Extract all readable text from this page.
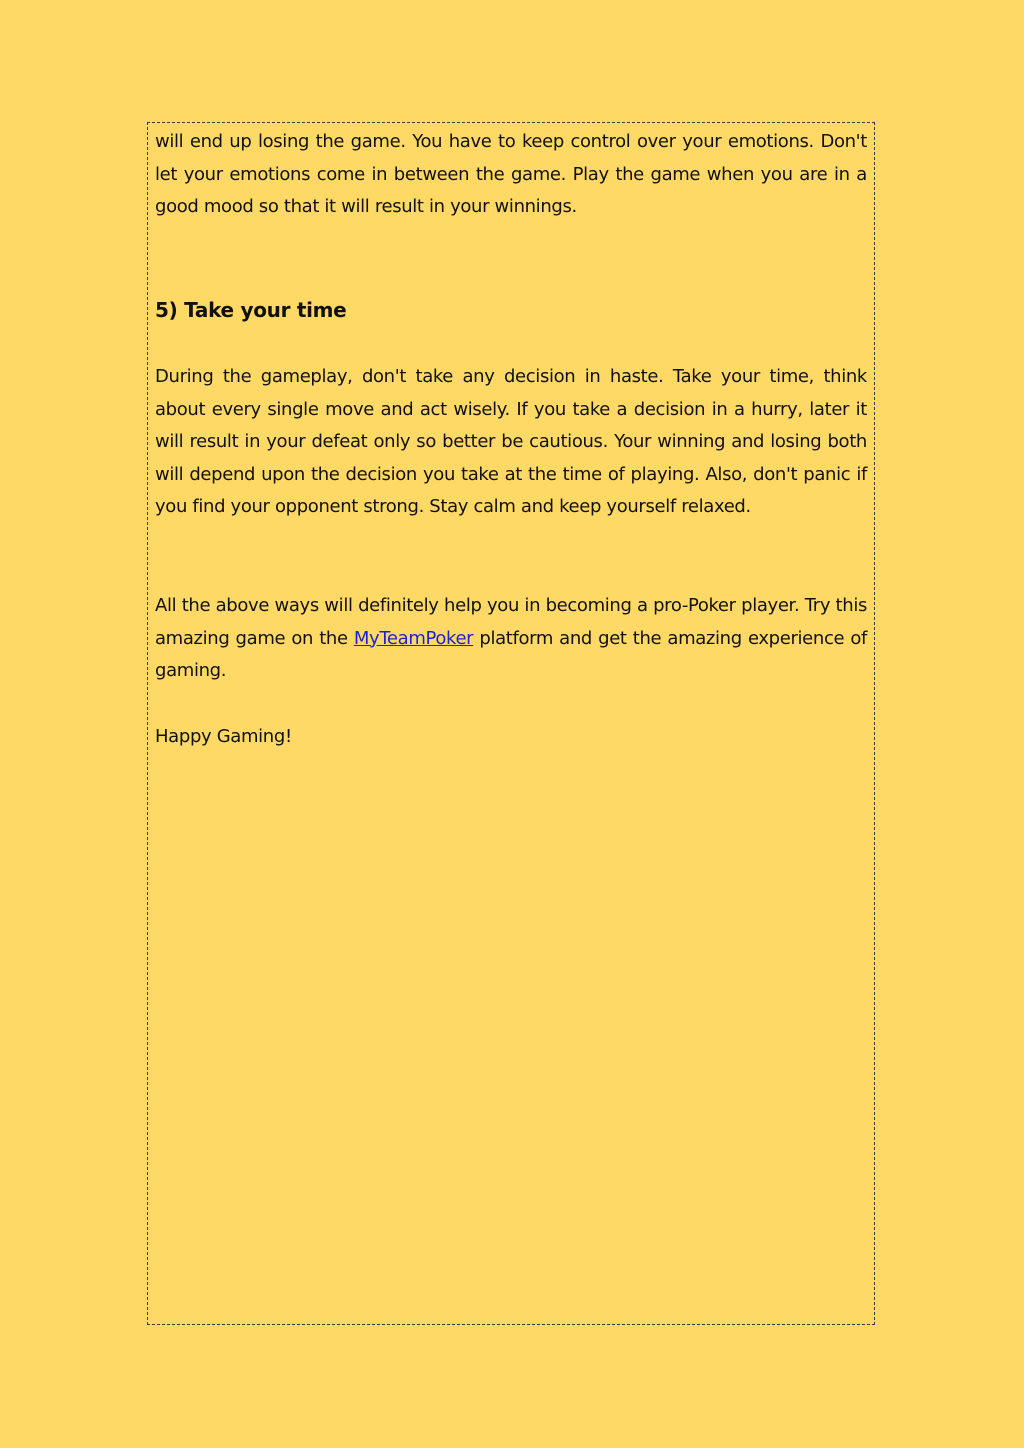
will end up losing the game. You have to keep control over your emotions. Don't let your emotions come in between the game. Play the game when you are in a good mood so that it will result in your winnings.

5) Take your time

During the gameplay, don't take any decision in haste. Take your time, think about every single move and act wisely. If you take a decision in a hurry, later it will result in your defeat only so better be cautious. Your winning and losing both will depend upon the decision you take at the time of playing. Also, don't panic if you find your opponent strong. Stay calm and keep yourself relaxed.

All the above ways will definitely help you in becoming a pro-Poker player. Try this amazing game on the MyTeamPoker platform and get the amazing experience of gaming.

Happy Gaming!
